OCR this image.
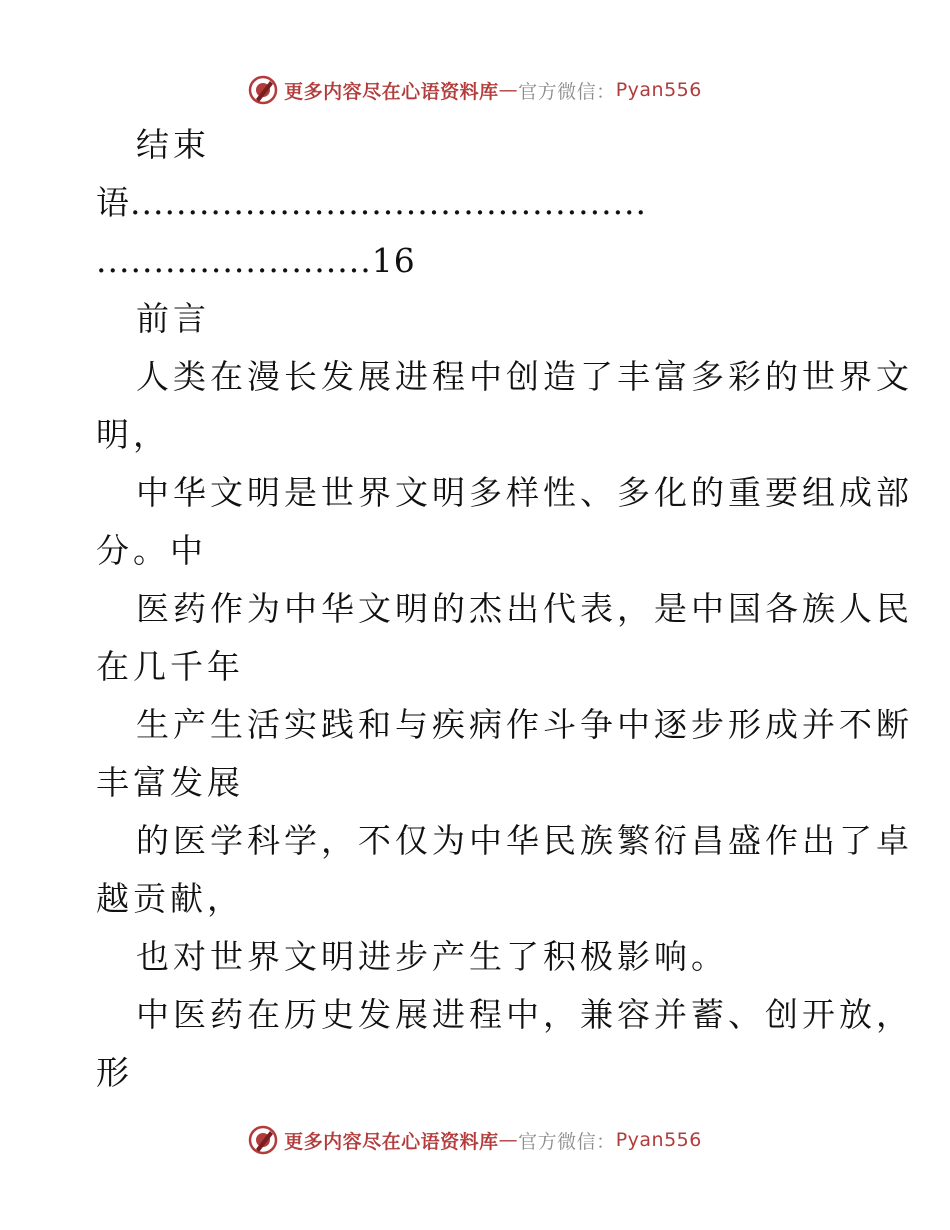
更多内容尽在心语资料库 — 官方微信： Pyan556
结束
语.............................................
........................16
前言
人类在漫长发展进程中创造了丰富多彩的世界文
明，
中华文明是世界文明多样性、多化的重要组成部
分。中
医药作为中华文明的杰出代表，是中国各族人民
在几千年
生产生活实践和与疾病作斗争中逐步形成并不断
丰富发展
的医学科学，不仅为中华民族繁衍昌盛作出了卓
越贡献，
也对世界文明进步产生了积极影响。
中医药在历史发展进程中，兼容并蓄、创开放，
形
更多内容尽在心语资料库 — 官方微信： Pyan556
